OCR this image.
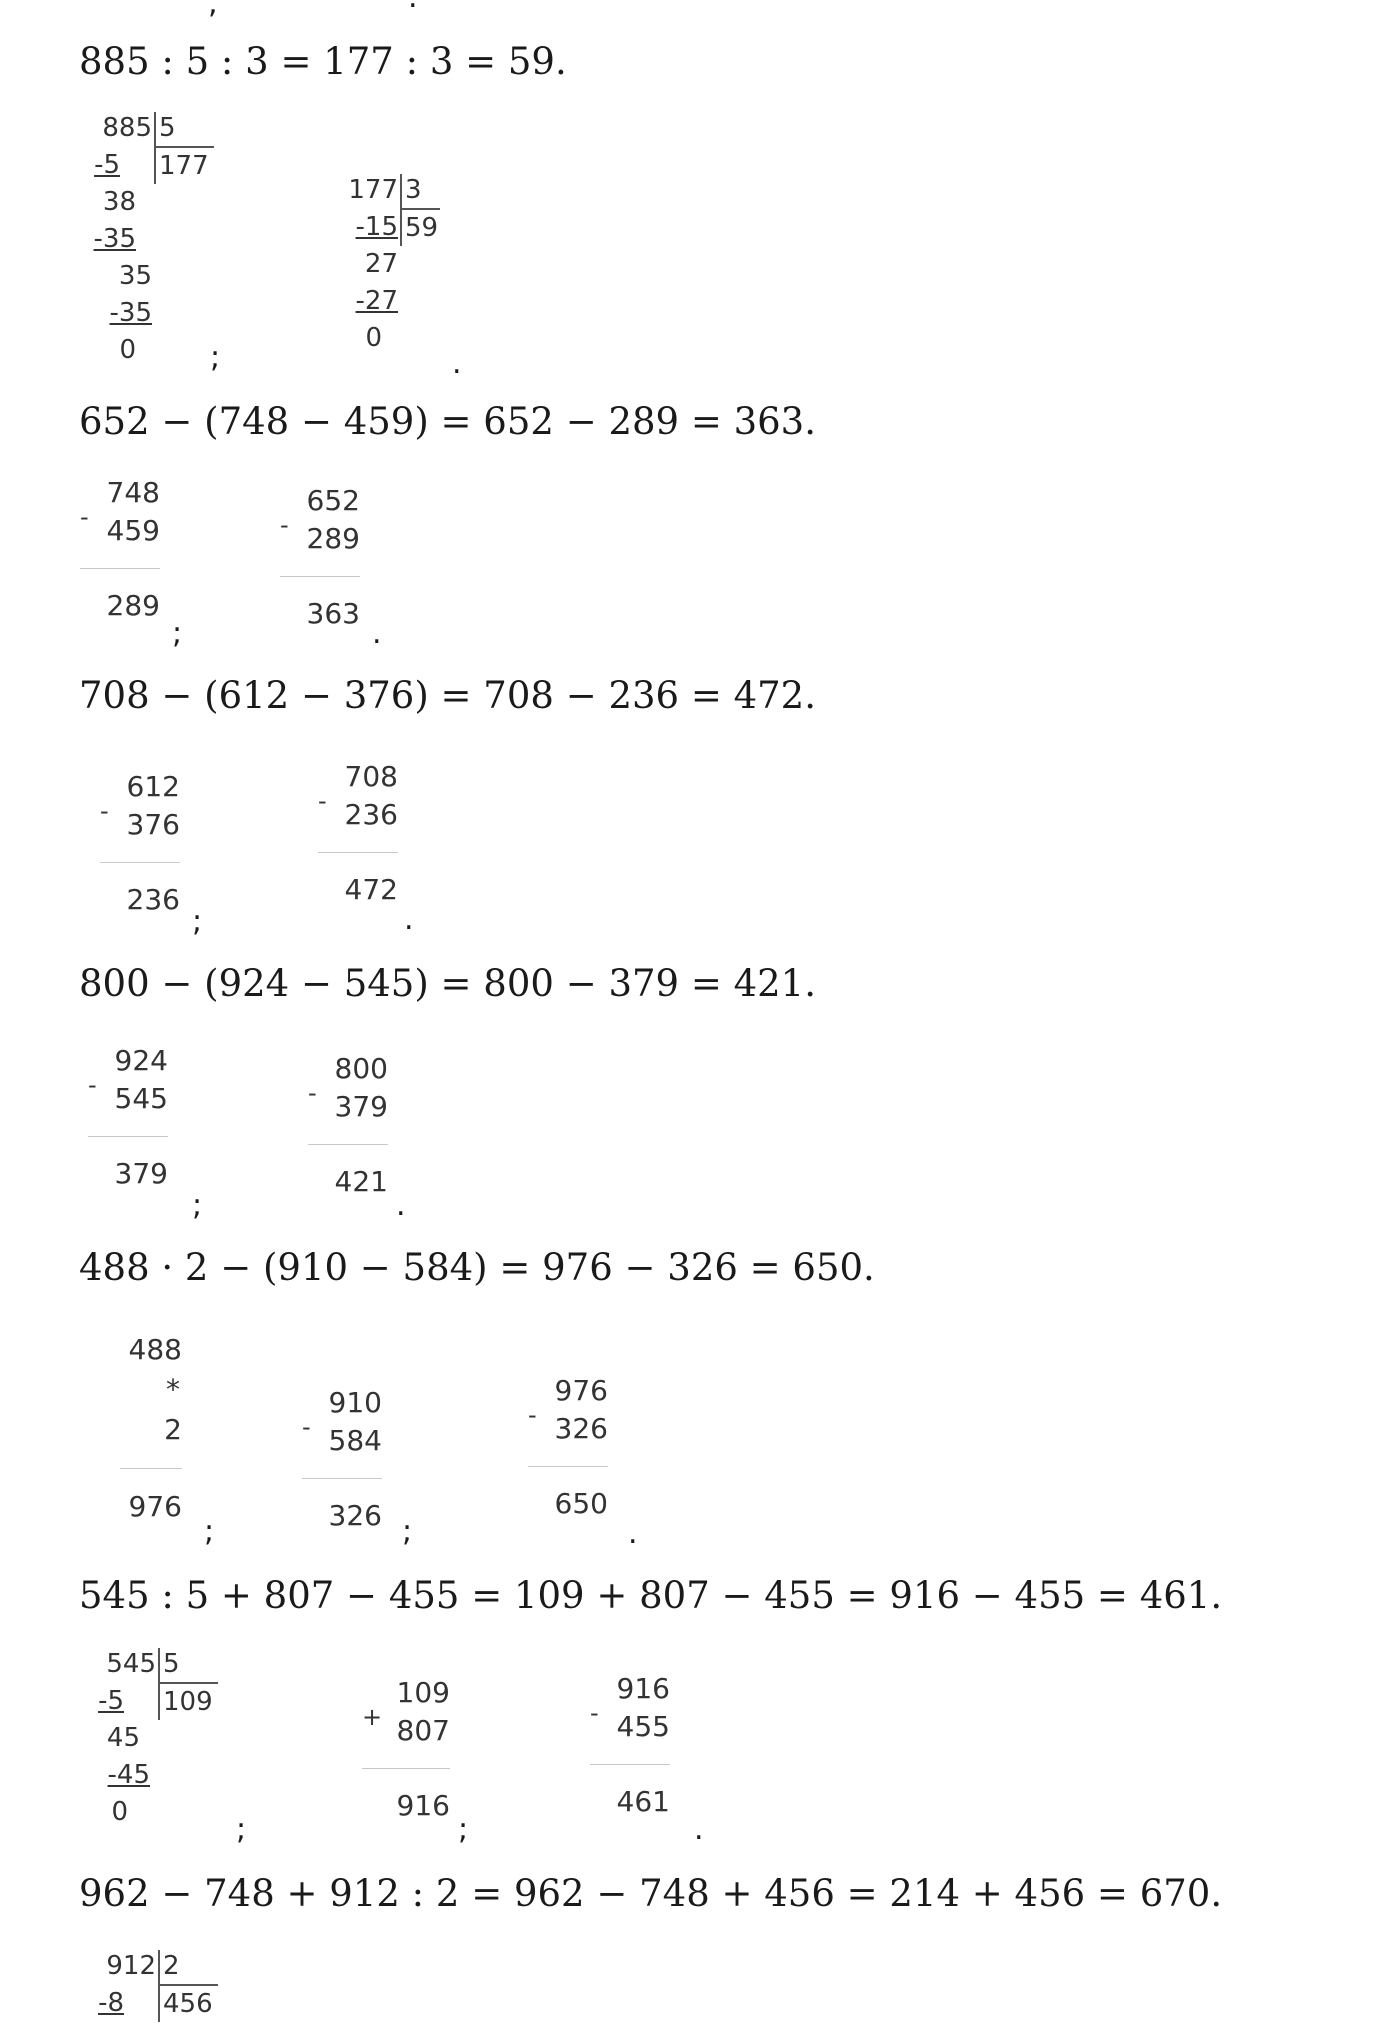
,
885 : 5 : 3 = 177 : 3 = 59.
885
-5
38
-35
35
-35
0
5
177
177
-15
27
-27
0
3
59
;	.
652 − (748 − 459) = 652 − 289 = 363.
-
748
459
289
;
-
652
289
363
.
708 − (612 − 376) = 708 − 236 = 472.
-
612
376
236
;
-
708
236
472
.
800 − (924 − 545) = 800 − 379 = 421.
-
924
545
379
;
-
800
379
421
.
488 · 2 − (910 − 584) = 976 − 326 = 650.
488
*
2
976
;
-
910
584
326 ;
-
976
326
650
.
545 : 5 + 807 − 455 = 109 + 807 − 455 = 916 − 455 = 461.
545
-5
45
-45
0
5
109
;
+
109
807
916
;
-
916
455
461
.
962 − 748 + 912 : 2 = 962 − 748 + 456 = 214 + 456 = 670.
912
-8
2
456
